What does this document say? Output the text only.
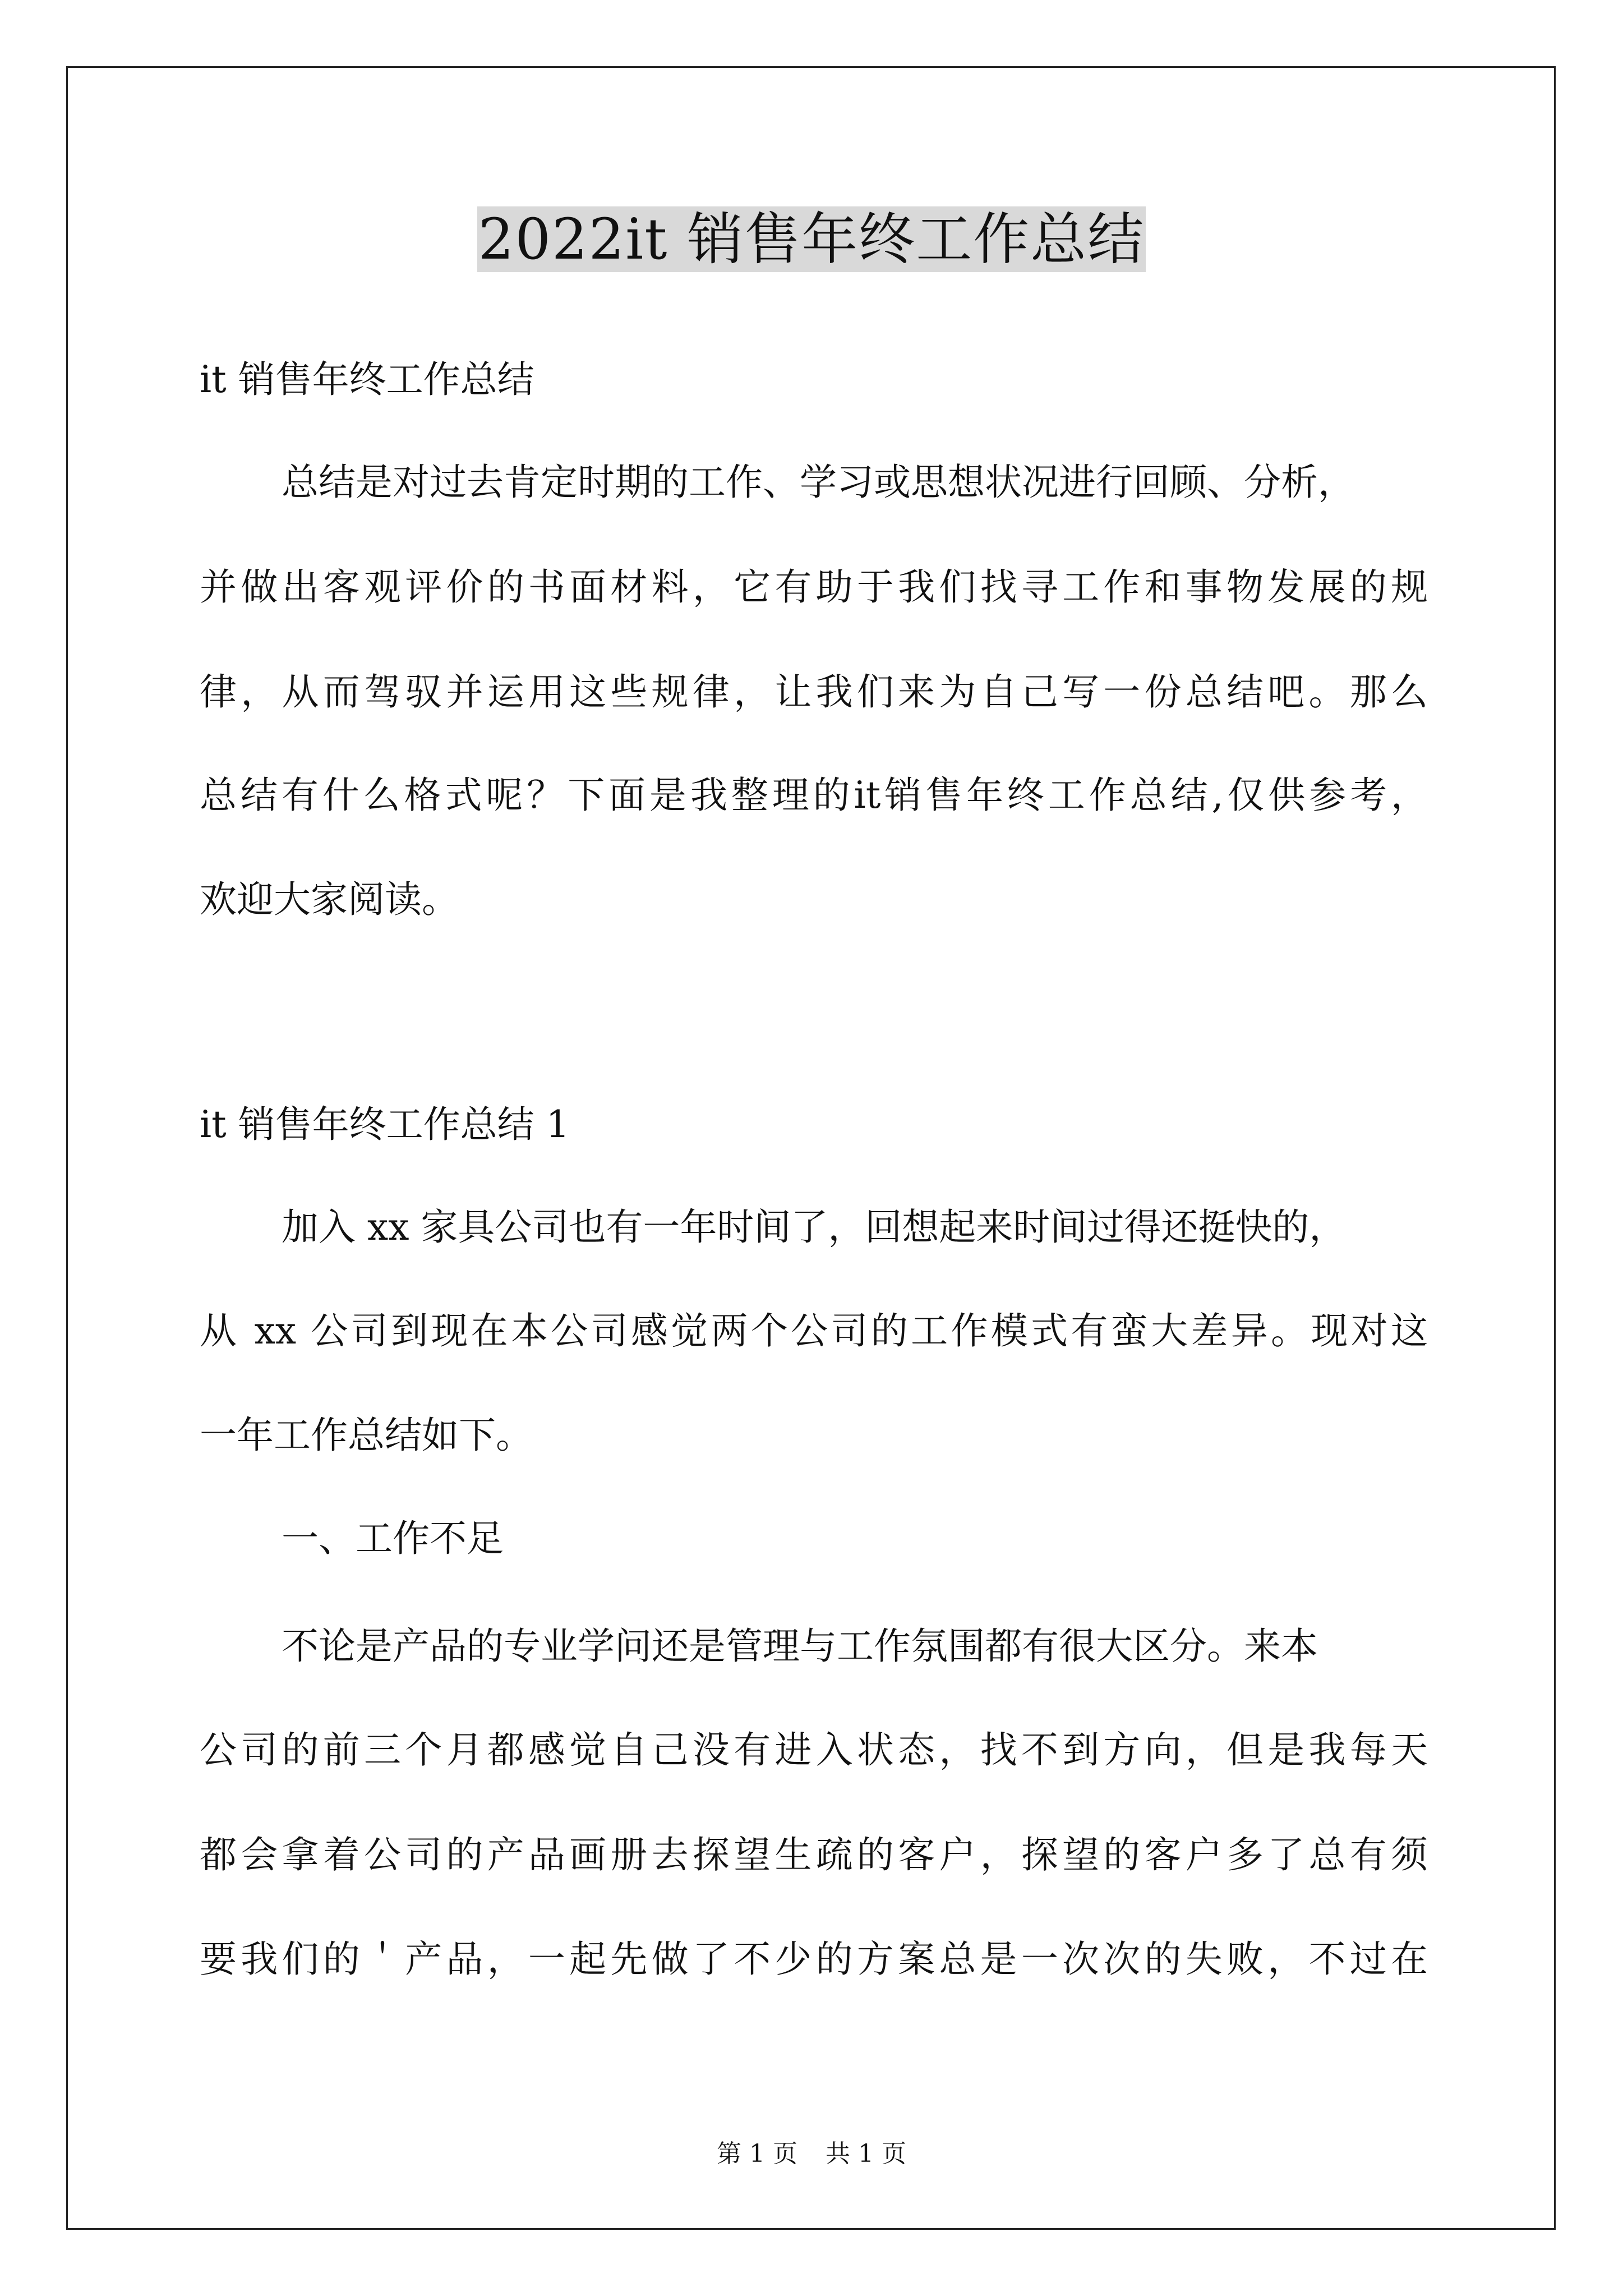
2022it 销售年终工作总结
it 销售年终工作总结
总结是对过去肯定时期的工作、学习或思想状况进行回顾、分析，
并做出客观评价的书面材料，它有助于我们找寻工作和事物发展的规
律，从而驾驭并运用这些规律，让我们来为自己写一份总结吧。那么
总结有什么格式呢？下面是我整理的it销售年终工作总结,仅供参考，
欢迎大家阅读。
it 销售年终工作总结 1
加入 xx 家具公司也有一年时间了，回想起来时间过得还挺快的，
从 xx 公司到现在本公司感觉两个公司的工作模式有蛮大差异。现对这
一年工作总结如下。
一、工作不足
不论是产品的专业学问还是管理与工作氛围都有很大区分。来本
公司的前三个月都感觉自己没有进入状态，找不到方向，但是我每天
都会拿着公司的产品画册去探望生疏的客户，探望的客户多了总有须
要我们的＇产品，一起先做了不少的方案总是一次次的失败，不过在
第 1 页 共 1 页
